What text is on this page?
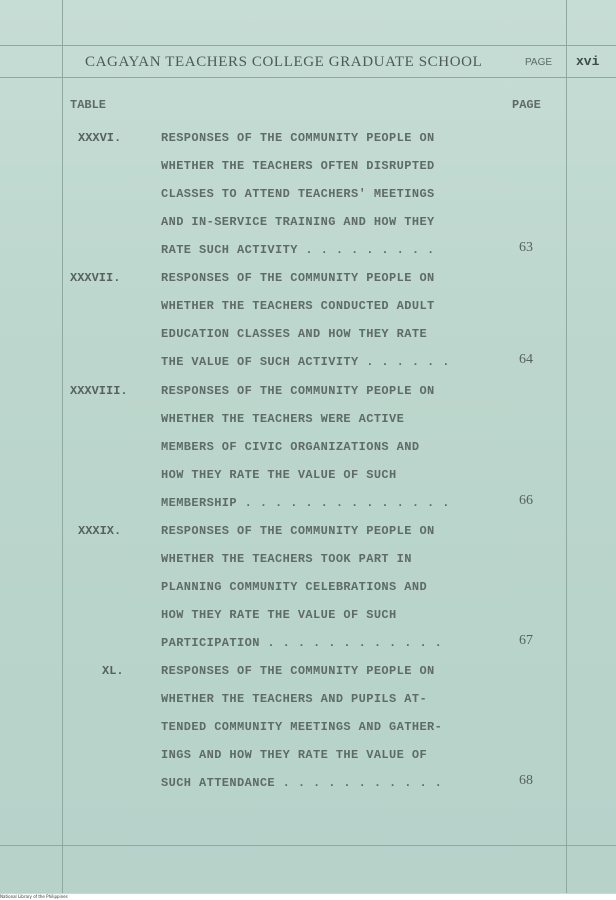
CAGAYAN TEACHERS COLLEGE GRADUATE SCHOOL	PAGE xvi
TABLE	PAGE
XXXVI.	RESPONSES OF THE COMMUNITY PEOPLE ON
WHETHER THE TEACHERS OFTEN DISRUPTED
CLASSES TO ATTEND TEACHERS' MEETINGS
AND IN-SERVICE TRAINING AND HOW THEY
RATE SUCH ACTIVITY . . . . . . . . .	63
XXXVII.	RESPONSES OF THE COMMUNITY PEOPLE ON
WHETHER THE TEACHERS CONDUCTED ADULT
EDUCATION CLASSES AND HOW THEY RATE
THE VALUE OF SUCH ACTIVITY . . . . . .	64
XXXVIII.	RESPONSES OF THE COMMUNITY PEOPLE ON
WHETHER THE TEACHERS WERE ACTIVE
MEMBERS OF CIVIC ORGANIZATIONS AND
HOW THEY RATE THE VALUE OF SUCH
MEMBERSHIP . . . . . . . . . . . . . .	66
XXXIX.	RESPONSES OF THE COMMUNITY PEOPLE ON
WHETHER THE TEACHERS TOOK PART IN
PLANNING COMMUNITY CELEBRATIONS AND
HOW THEY RATE THE VALUE OF SUCH
PARTICIPATION . . . . . . . . . . . .	67
XL.	RESPONSES OF THE COMMUNITY PEOPLE ON
WHETHER THE TEACHERS AND PUPILS AT-
TENDED COMMUNITY MEETINGS AND GATHER-
INGS AND HOW THEY RATE THE VALUE OF
SUCH ATTENDANCE . . . . . . . . . . .	68
National Library of the Philippines
